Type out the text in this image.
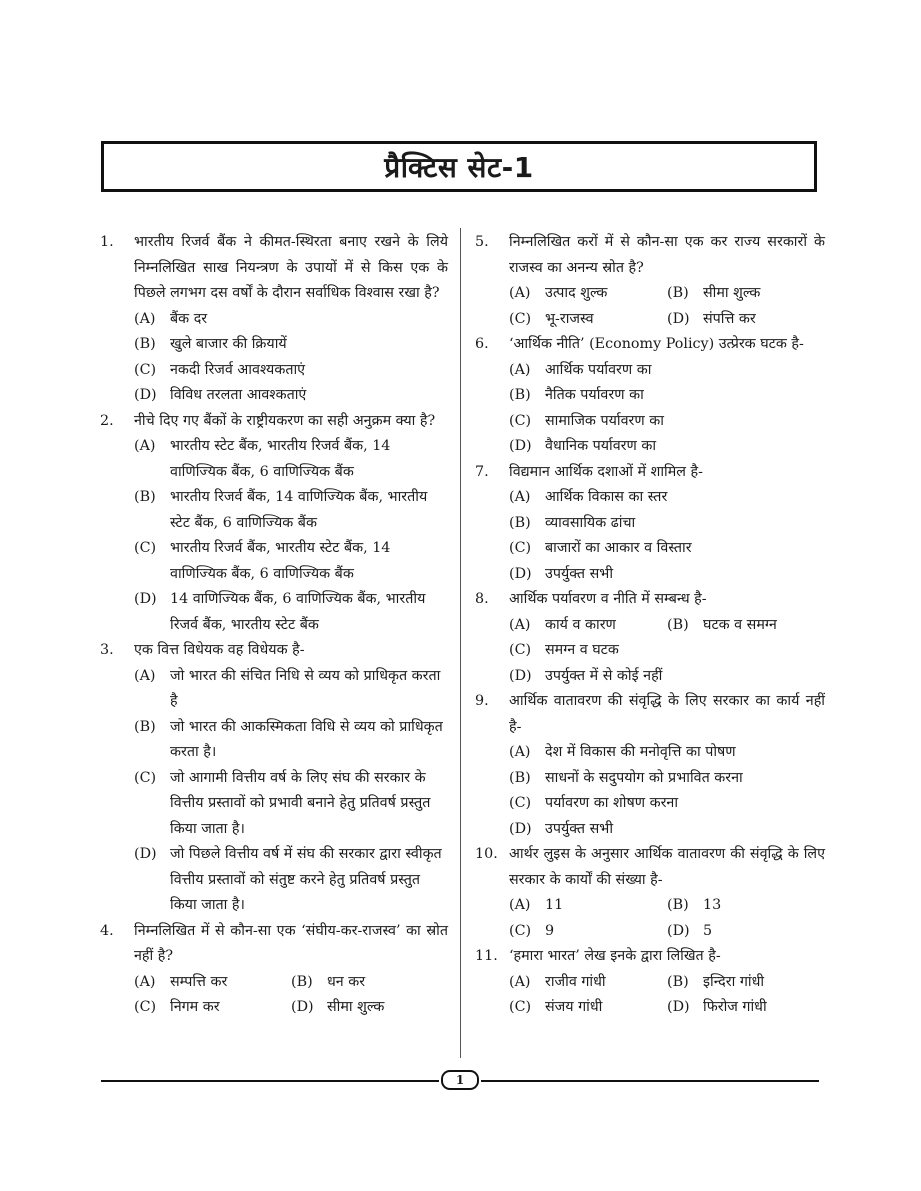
प्रैक्टिस सेट-1
1. भारतीय रिजर्व बैंक ने कीमत-स्थिरता बनाए रखने के लिये निम्नलिखित साख नियन्त्रण के उपायों में से किस एक के पिछले लगभग दस वर्षों के दौरान सर्वाधिक विश्वास रखा है?
(A) बैंक दर
(B) खुले बाजार की क्रियायें
(C) नकदी रिजर्व आवश्यकताएं
(D) विविध तरलता आवश्कताएं
2. नीचे दिए गए बैंकों के राष्ट्रीयकरण का सही अनुक्रम क्या है?
(A) भारतीय स्टेट बैंक, भारतीय रिजर्व बैंक, 14 वाणिज्यिक बैंक, 6 वाणिज्यिक बैंक
(B) भारतीय रिजर्व बैंक, 14 वाणिज्यिक बैंक, भारतीय स्टेट बैंक, 6 वाणिज्यिक बैंक
(C) भारतीय रिजर्व बैंक, भारतीय स्टेट बैंक, 14 वाणिज्यिक बैंक, 6 वाणिज्यिक बैंक
(D) 14 वाणिज्यिक बैंक, 6 वाणिज्यिक बैंक, भारतीय रिजर्व बैंक, भारतीय स्टेट बैंक
3. एक वित्त विधेयक वह विधेयक है-
(A) जो भारत की संचित निधि से व्यय को प्राधिकृत करता है
(B) जो भारत की आकस्मिकता विधि से व्यय को प्राधिकृत करता है।
(C) जो आगामी वित्तीय वर्ष के लिए संघ की सरकार के वित्तीय प्रस्तावों को प्रभावी बनाने हेतु प्रतिवर्ष प्रस्तुत किया जाता है।
(D) जो पिछले वित्तीय वर्ष में संघ की सरकार द्वारा स्वीकृत वित्तीय प्रस्तावों को संतुष्ट करने हेतु प्रतिवर्ष प्रस्तुत किया जाता है।
4. निम्नलिखित में से कौन-सा एक ‘संघीय-कर-राजस्व’ का स्रोत नहीं है?
(A) सम्पत्ति कर	(B) धन कर
(C) निगम कर	(D) सीमा शुल्क
5. निम्नलिखित करों में से कौन-सा एक कर राज्य सरकारों के राजस्व का अनन्य स्रोत है?
(A) उत्पाद शुल्क	(B) सीमा शुल्क
(C) भू-राजस्व	(D) संपत्ति कर
6. ‘आर्थिक नीति’ (Economy Policy) उत्प्रेरक घटक है-
(A) आर्थिक पर्यावरण का
(B) नैतिक पर्यावरण का
(C) सामाजिक पर्यावरण का
(D) वैधानिक पर्यावरण का
7. विद्यमान आर्थिक दशाओं में शामिल है-
(A) आर्थिक विकास का स्तर
(B) व्यावसायिक ढांचा
(C) बाजारों का आकार व विस्तार
(D) उपर्युक्त सभी
8. आर्थिक पर्यावरण व नीति में सम्बन्ध है-
(A) कार्य व कारण	(B) घटक व समग्न
(C) समग्न व घटक
(D) उपर्युक्त में से कोई नहीं
9. आर्थिक वातावरण की संवृद्धि के लिए सरकार का कार्य नहीं है-
(A) देश में विकास की मनोवृत्ति का पोषण
(B) साधनों के सदुपयोग को प्रभावित करना
(C) पर्यावरण का शोषण करना
(D) उपर्युक्त सभी
10. आर्थर लुइस के अनुसार आर्थिक वातावरण की संवृद्धि के लिए सरकार के कार्यों की संख्या है-
(A) 11	(B) 13
(C) 9	(D) 5
11. ‘हमारा भारत’ लेख इनके द्वारा लिखित है-
(A) राजीव गांधी	(B) इन्दिरा गांधी
(C) संजय गांधी	(D) फिरोज गांधी
1
